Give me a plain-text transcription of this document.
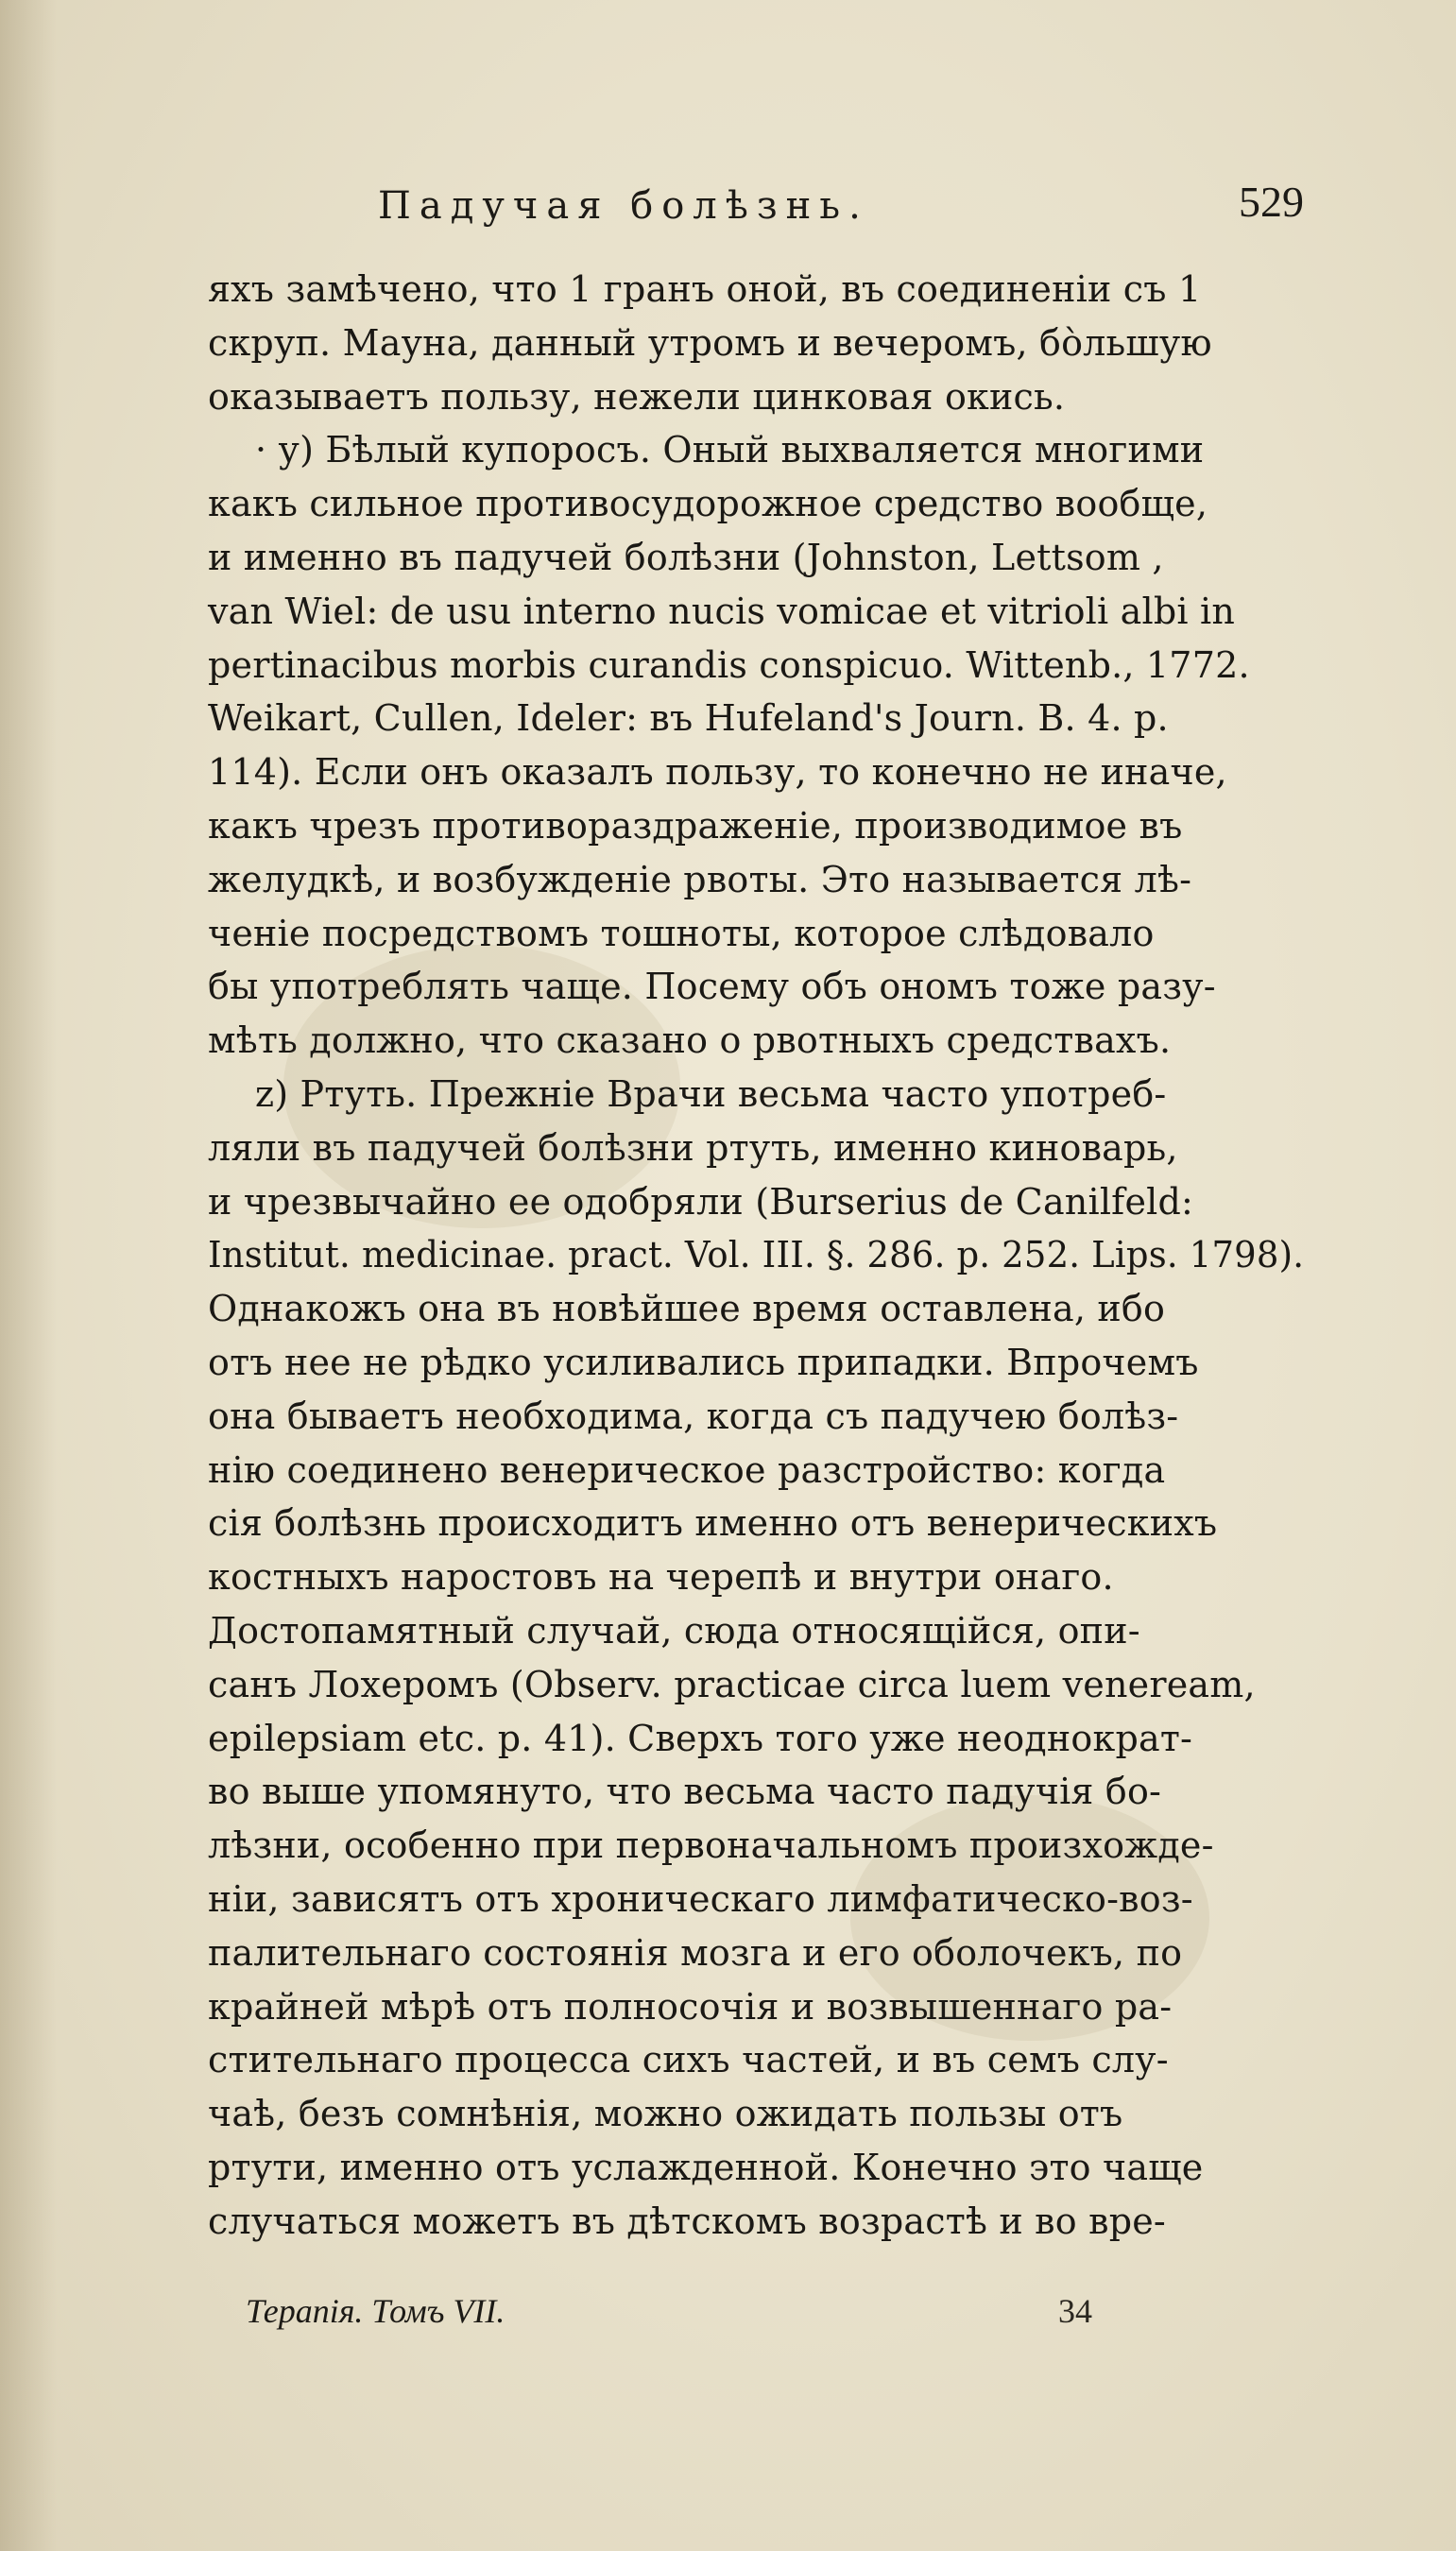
Падучая болѣзнь.	529
яхъ замѣчено, что 1 гранъ оной, въ соединеніи съ 1
скруп. Мауна, данный утромъ и вечеромъ, бо̀льшую
оказываетъ пользу, нежели цинковая окись.
· у) Бѣлый купоросъ. Оный выхваляется многими
какъ сильное противосудорожное средство вообще,
и именно въ падучей болѣзни (Johnston, Lettsom ,
van Wiel: de usu interno nucis vomicae et vitrioli albi in
pertinacibus morbis curandis conspicuo. Wittenb., 1772.
Weikart, Cullen, Ideler: въ Hufeland's Journ. B. 4. p.
114). Если онъ оказалъ пользу, то конечно не иначе,
какъ чрезъ противораздраженіе, производимое въ
желудкѣ, и возбужденіе рвоты. Это называется лѣ-
ченіе посредствомъ тошноты, которое слѣдовало
бы употреблять чаще. Посему объ ономъ тоже разу-
мѣть должно, что сказано о рвотныхъ средствахъ.
z) Ртуть. Прежніе Врачи весьма часто употреб-
ляли въ падучей болѣзни ртуть, именно киноварь,
и чрезвычайно ее одобряли (Burserius de Canilfeld:
Institut. medicinae. pract. Vol. III. §. 286. p. 252. Lips. 1798).
Однакожъ она въ новѣйшее время оставлена, ибо
отъ нее не рѣдко усиливались припадки. Впрочемъ
она бываетъ необходима, когда съ падучею болѣз-
нію соединено венерическое разстройство: когда
сія болѣзнь происходитъ именно отъ венерическихъ
костныхъ наростовъ на черепѣ и внутри онаго.
Достопамятный случай, сюда относящійся, опи-
санъ Лохеромъ (Observ. practicae circa luem veneream,
epilepsiam etc. p. 41). Сверхъ того уже неоднократ-
во выше упомянуто, что весьма часто падучія бо-
лѣзни, особенно при первоначальномъ произхожде-
ніи, зависятъ отъ хроническаго лимфатическо-воз-
палительнаго состоянія мозга и его оболочекъ, по
крайней мѣрѣ отъ полносочія и возвышеннаго ра-
стительнаго процесса сихъ частей, и въ семъ слу-
чаѣ, безъ сомнѣнія, можно ожидать пользы отъ
ртути, именно отъ услажденной. Конечно это чаще
случаться можетъ въ дѣтскомъ возрастѣ и во вре-
Терапія. Томъ VII.	34
